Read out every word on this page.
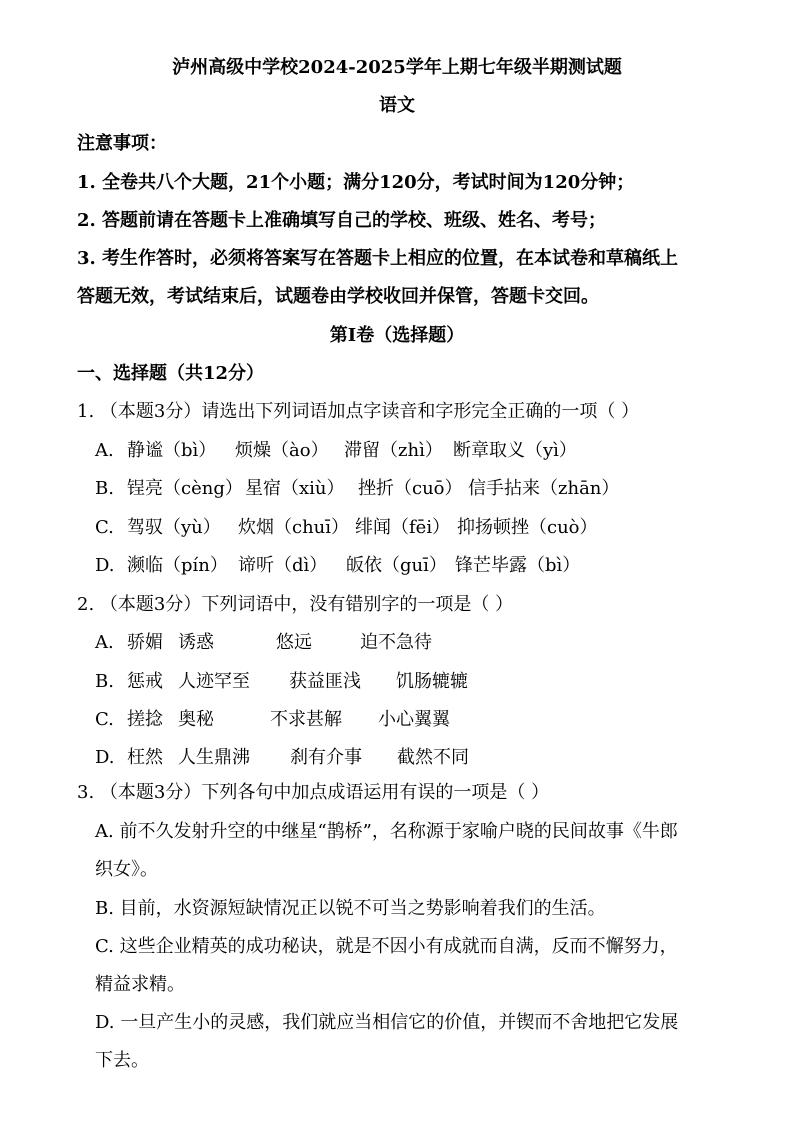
泸州高级中学校2024-2025学年上期七年级半期测试题
语文
注意事项：
1. 全卷共八个大题，21个小题；满分120分，考试时间为120分钟；
2. 答题前请在答题卡上准确填写自己的学校、班级、姓名、考号；
3. 考生作答时，必须将答案写在答题卡上相应的位置，在本试卷和草稿纸上
答题无效，考试结束后，试题卷由学校收回并保管，答题卡交回。
第I卷（选择题）
一、选择题（共12分）
1. （本题3分）请选出下列词语加点字读音和字形完全正确的一项（ ）
A. 静谧（bì） 烦燥（ào） 滞留（zhì） 断章取义（yì）
B. 锃亮（cèng） 星宿（xiù） 挫折（cuō） 信手拈来（zhān）
C. 驾驭（yù） 炊烟（chuī） 绯闻（fēi） 抑扬顿挫（cuò）
D. 濒临（pín） 谛听（dì） 皈依（guī） 锋芒毕露（bì）
2. （本题3分）下列词语中，没有错别字的一项是（ ）
A. 骄媚 诱惑	悠远	迫不急待
B. 惩戒 人迹罕至 获益匪浅 饥肠辘辘
C. 搓捻 奥秘	不求甚解 小心翼翼
D. 枉然 人生鼎沸 刹有介事 截然不同
3. （本题3分）下列各句中加点成语运用有误的一项是（ ）
A. 前不久发射升空的中继星“鹊桥”，名称源于家喻户晓的民间故事《牛郎
织女》。
B. 目前，水资源短缺情况正以锐不可当之势影响着我们的生活。
C. 这些企业精英的成功秘诀，就是不因小有成就而自满，反而不懈努力，
精益求精。
D. 一旦产生小的灵感，我们就应当相信它的价值，并锲而不舍地把它发展
下去。
